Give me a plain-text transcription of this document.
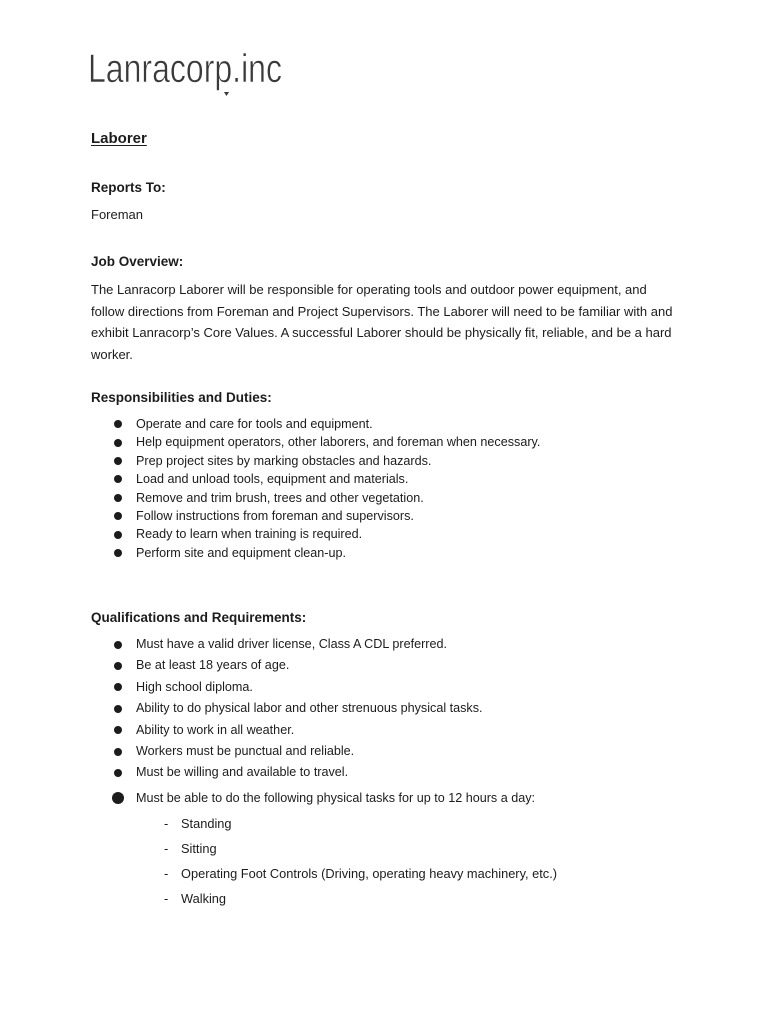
Lanracorp.inc

Laborer

Reports To:

Foreman

Job Overview:

The Lanracorp Laborer will be responsible for operating tools and outdoor power equipment, and follow directions from Foreman and Project Supervisors. The Laborer will need to be familiar with and exhibit Lanracorp’s Core Values. A successful Laborer should be physically fit, reliable, and be a hard worker.

Responsibilities and Duties:

Operate and care for tools and equipment.
Help equipment operators, other laborers, and foreman when necessary.
Prep project sites by marking obstacles and hazards.
Load and unload tools, equipment and materials.
Remove and trim brush, trees and other vegetation.
Follow instructions from foreman and supervisors.
Ready to learn when training is required.
Perform site and equipment clean-up.

Qualifications and Requirements:

Must have a valid driver license, Class A CDL preferred.
Be at least 18 years of age.
High school diploma.
Ability to do physical labor and other strenuous physical tasks.
Ability to work in all weather.
Workers must be punctual and reliable.
Must be willing and available to travel.
Must be able to do the following physical tasks for up to 12 hours a day:
- Standing
- Sitting
- Operating Foot Controls (Driving, operating heavy machinery, etc.)
- Walking
